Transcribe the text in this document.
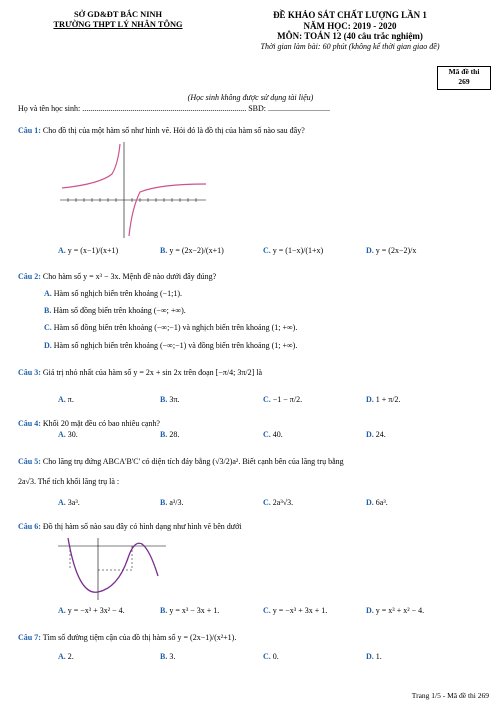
SỞ GD&ĐT BẮC NINH
TRƯỜNG THPT LÝ NHÂN TÔNG
ĐỀ KHẢO SÁT CHẤT LƯỢNG LẦN 1
NĂM HỌC: 2019 - 2020
MÔN: TOÁN 12 (40 câu trắc nghiệm)
Thời gian làm bài: 60 phút (không kể thời gian giao đề)
Mã đề thi
269
(Học sinh không được sử dụng tài liệu)
Họ và tên học sinh: .................................................................................. SBD: ...............................
Câu 1: Cho đồ thị của một hàm số như hình vẽ. Hỏi đó là đồ thị của hàm số nào sau đây?
A. y = (x−1)/(x+1)	B. y = (2x−2)/(x+1)	C. y = (1−x)/(1+x)	D. y = (2x−2)/x
Câu 2: Cho hàm số y = x³ − 3x. Mệnh đề nào dưới đây đúng?
A. Hàm số nghịch biến trên khoảng (−1;1).
B. Hàm số đồng biến trên khoảng (−∞; +∞).
C. Hàm số đồng biến trên khoảng (−∞;−1) và nghịch biến trên khoảng (1; +∞).
D. Hàm số nghịch biến trên khoảng (−∞;−1) và đồng biến trên khoảng (1; +∞).
Câu 3: Giá trị nhỏ nhất của hàm số y = 2x + sin 2x trên đoạn [−π/4; 3π/2] là
A. π.	B. 3π.	C. −1 − π/2.	D. 1 + π/2.
Câu 4: Khối 20 mặt đều có bao nhiêu cạnh?
A. 30.	B. 28.	C. 40.	D. 24.
Câu 5: Cho lăng trụ đứng ABCA'B'C' có diện tích đáy bằng (√3/2)a². Biết cạnh bên của lăng trụ bằng
2a√3. Thể tích khối lăng trụ là :
A. 3a³.	B. a³/3.	C. 2a³√3.	D. 6a³.
Câu 6: Đồ thị hàm số nào sau đây có hình dạng như hình vẽ bên dưới
A. y = −x³ + 3x² − 4.	B. y = x³ − 3x + 1.	C. y = −x³ + 3x + 1.	D. y = x³ + x² − 4.
Câu 7: Tìm số đường tiệm cận của đồ thị hàm số y = (2x−1)/(x²+1).
A. 2.	B. 3.	C. 0.	D. 1.
Trang 1/5 - Mã đề thi 269
